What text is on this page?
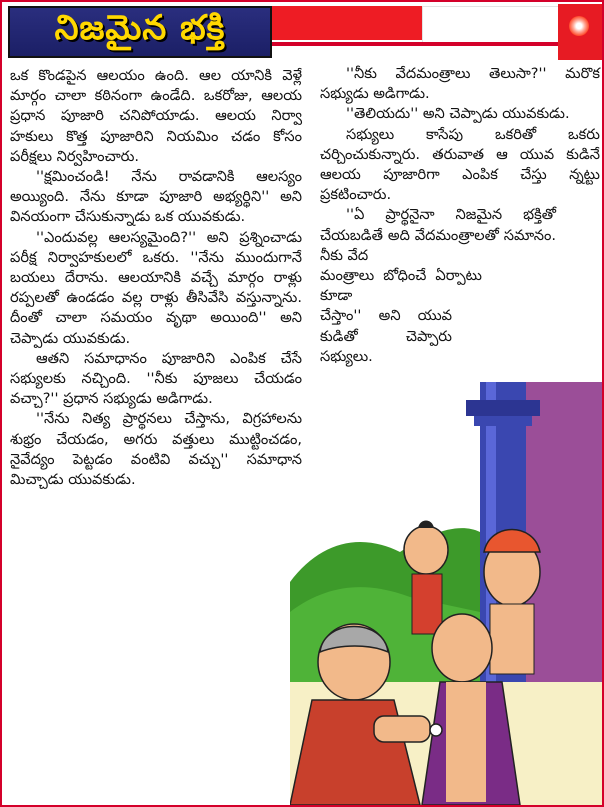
నిజమైన భక్తి

ఒక కొండపైన ఆలయం ఉంది. ఆల యానికి వెళ్లే మార్గం చాలా కఠినంగా ఉండేది. ఒకరోజు, ఆలయ ప్రధాన పూజారి చనిపోయాడు. ఆలయ నిర్వా హకులు కొత్త పూజారిని నియమిం చడం కోసం పరీక్షలు నిర్వహించారు.

''క్షమించండి! నేను రావడానికి ఆలస్యం అయ్యింది. నేను కూడా పూజారి అభ్యర్థిని'' అని వినయంగా చేసుకున్నాడు ఒక యువకుడు.

''ఎందువల్ల ఆలస్యమైంది?'' అని ప్రశ్నించాడు పరీక్ష నిర్వాహకులలో ఒకరు. ''నేను ముందుగానే బయలు దేరాను. ఆలయానికి వచ్చే మార్గం రాళ్లు రప్పలతో ఉండడం వల్ల రాళ్లు తీసివేసి వస్తున్నాను. దీంతో చాలా సమయం వృథా అయింది'' అని చెప్పాడు యువకుడు.

ఆతని సమాధానం పూజారిని ఎంపిక చేసే సభ్యులకు నచ్చింది. ''నీకు పూజలు చేయడం వచ్చా?'' ప్రధాన సభ్యుడు అడిగాడు.

''నేను నిత్య ప్రార్థనలు చేస్తాను, విగ్రహాలను శుభ్రం చేయడం, అగరు వత్తులు ముట్టించడం, నైవేద్యం పెట్టడం వంటివి వచ్చు'' సమాధాన మిచ్చాడు యువకుడు.

''నీకు వేదమంత్రాలు తెలుసా?'' మరొక సభ్యుడు అడిగాడు.

''తెలియదు'' అని చెప్పాడు యువకుడు.

సభ్యులు కాసేపు ఒకరితో ఒకరు చర్చించుకున్నారు. తరువాత ఆ యువ కుడినే ఆలయ పూజారిగా ఎంపిక చేస్తు న్నట్టు ప్రకటించారు.

''ఏ ప్రార్థనైనా నిజమైన భక్తితో చేయబడితే అది వేదమంత్రాలతో సమానం. నీకు వేద

మంత్రాలు బోధించే ఏర్పాటు కూడా

చేస్తాం'' అని యువ కుడితో చెప్పారు సభ్యులు.
